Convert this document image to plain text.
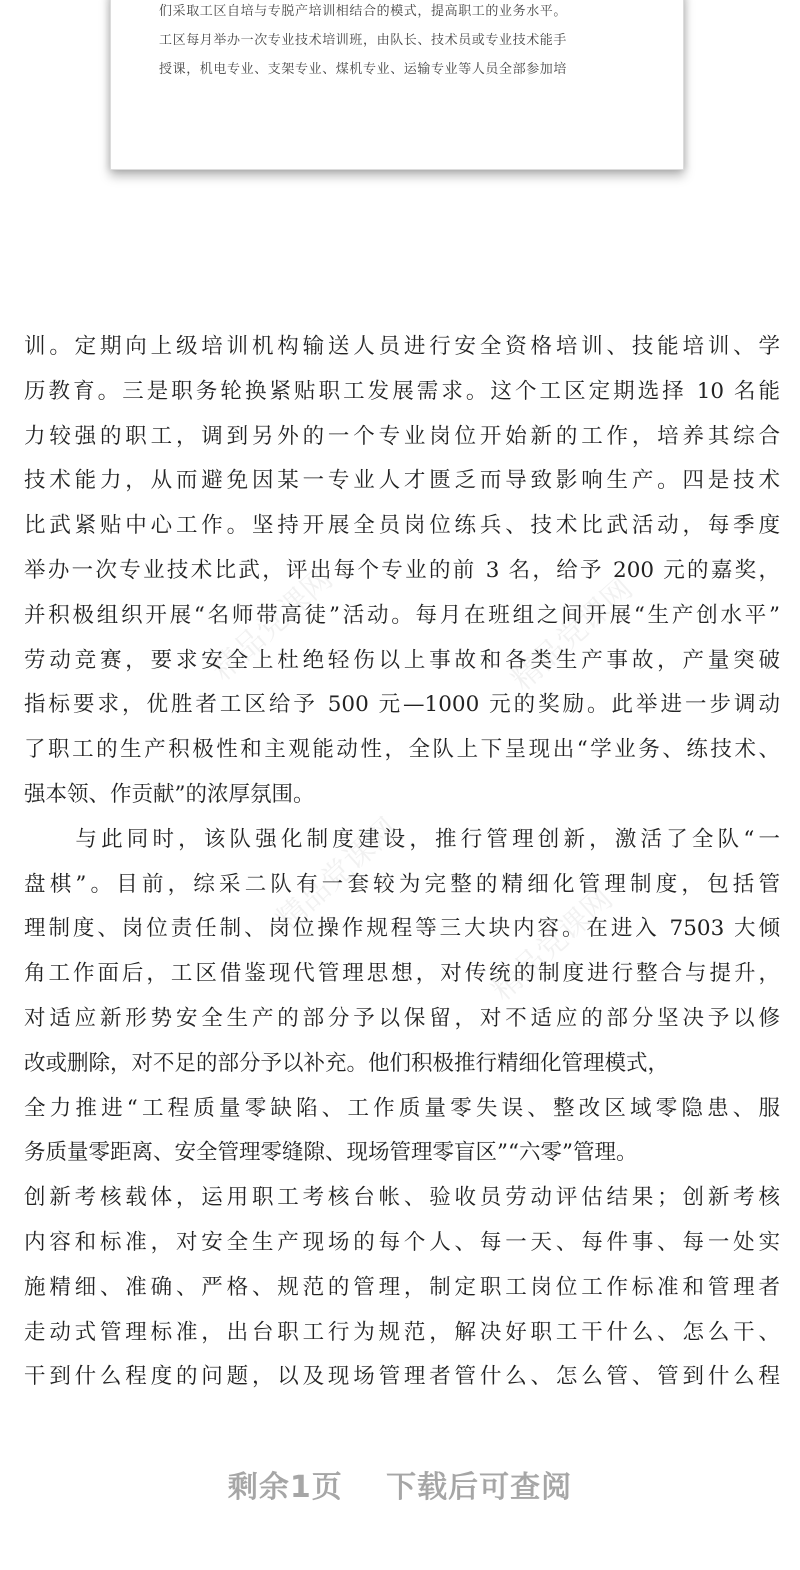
们采取工区自培与专脱产培训相结合的模式，提高职工的业务水平。
工区每月举办一次专业技术培训班，由队长、技术员或专业技术能手
授课，机电专业、支架专业、煤机专业、运输专业等人员全部参加培
精品党课网	精品党课网
精品党课网
精品党课网
训。定期向上级培训机构输送人员进行安全资格培训、技能培训、学
历教育。三是职务轮换紧贴职工发展需求。这个工区定期选择 10 名能
力较强的职工，调到另外的一个专业岗位开始新的工作，培养其综合
技术能力，从而避免因某一专业人才匮乏而导致影响生产。四是技术
比武紧贴中心工作。坚持开展全员岗位练兵、技术比武活动，每季度
举办一次专业技术比武，评出每个专业的前 3 名，给予 200 元的嘉奖，
并积极组织开展“名师带高徒”活动。每月在班组之间开展“生产创水平”
劳动竞赛，要求安全上杜绝轻伤以上事故和各类生产事故，产量突破
指标要求，优胜者工区给予 500 元—1000 元的奖励。此举进一步调动
了职工的生产积极性和主观能动性，全队上下呈现出“学业务、练技术、
强本领、作贡献”的浓厚氛围。
　　与此同时，该队强化制度建设，推行管理创新，激活了全队“一
盘棋”。目前，综采二队有一套较为完整的精细化管理制度，包括管
理制度、岗位责任制、岗位操作规程等三大块内容。在进入 7503 大倾
角工作面后，工区借鉴现代管理思想，对传统的制度进行整合与提升，
对适应新形势安全生产的部分予以保留，对不适应的部分坚决予以修
改或删除，对不足的部分予以补充。他们积极推行精细化管理模式，
全力推进“工程质量零缺陷、工作质量零失误、整改区域零隐患、服
务质量零距离、安全管理零缝隙、现场管理零盲区”“六零”管理。
创新考核载体，运用职工考核台帐、验收员劳动评估结果；创新考核
内容和标准，对安全生产现场的每个人、每一天、每件事、每一处实
施精细、准确、严格、规范的管理，制定职工岗位工作标准和管理者
走动式管理标准，出台职工行为规范，解决好职工干什么、怎么干、
干到什么程度的问题，以及现场管理者管什么、怎么管、管到什么程
剩余1页 下载后可查阅
